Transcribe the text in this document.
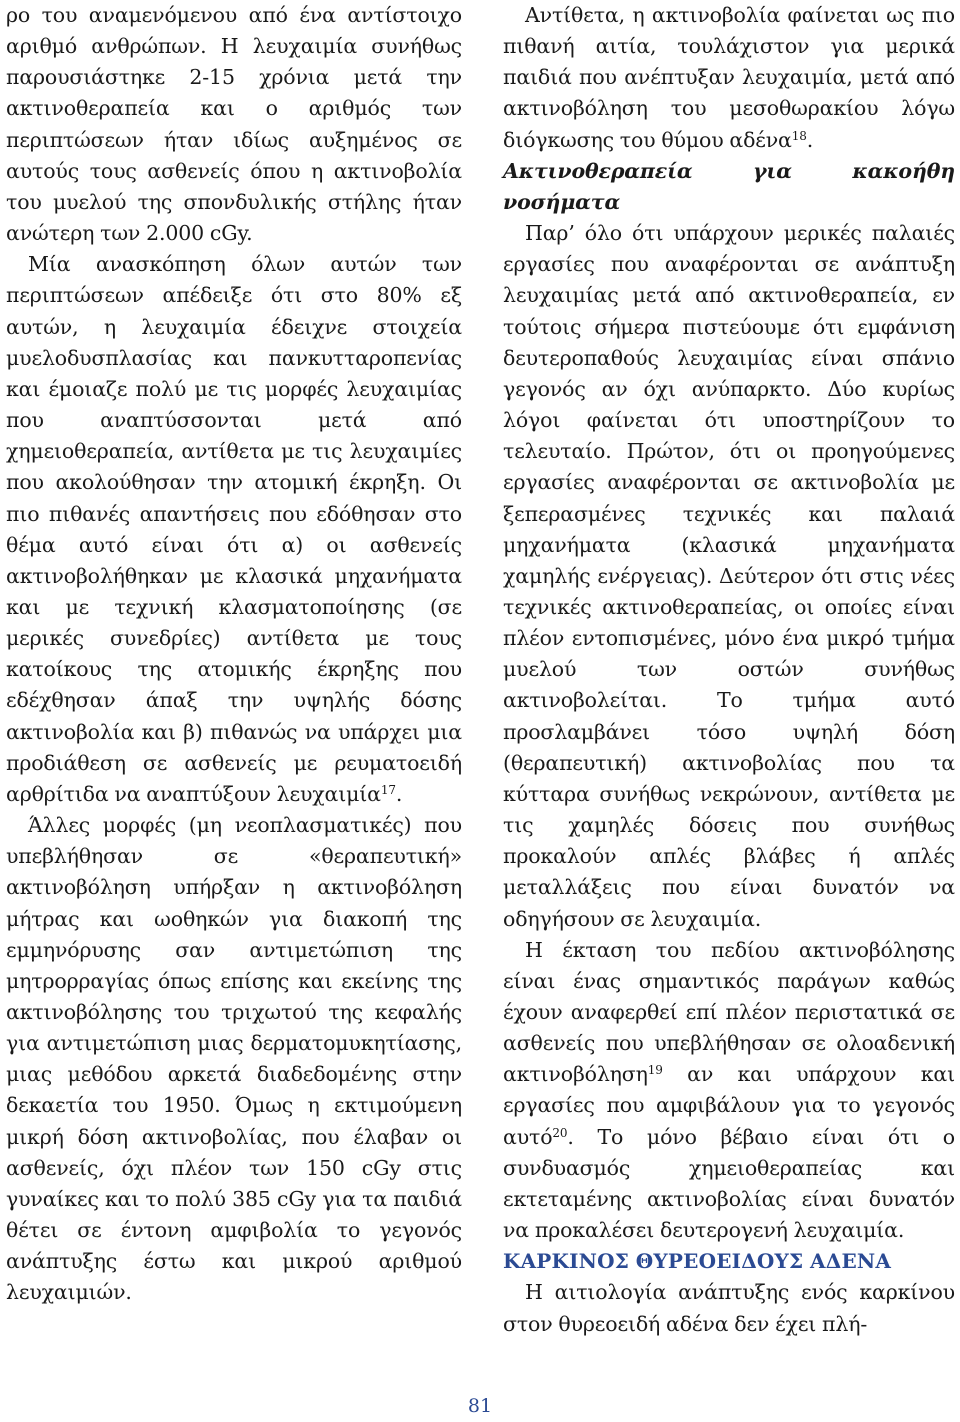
ρο του αναμενόμενου από ένα αντίστοιχο αριθμό ανθρώπων. Η λευχαιμία συνήθως παρουσιάστηκε 2-15 χρόνια μετά την ακτινοθεραπεία και ο αριθμός των περιπτώσεων ήταν ιδίως αυξημένος σε αυτούς τους ασθενείς όπου η ακτινοβολία του μυελού της σπονδυλικής στήλης ήταν ανώτερη των 2.000 cGy.

Μία ανασκόπηση όλων αυτών των περιπτώσεων απέδειξε ότι στο 80% εξ αυτών, η λευχαιμία έδειχνε στοιχεία μυελοδυσπλασίας και πανκυτταροπενίας και έμοιαζε πολύ με τις μορφές λευχαιμίας που αναπτύσσονται μετά από χημειοθεραπεία, αντίθετα με τις λευχαιμίες που ακολούθησαν την ατομική έκρηξη. Οι πιο πιθανές απαντήσεις που εδόθησαν στο θέμα αυτό είναι ότι α) οι ασθενείς ακτινοβολήθηκαν με κλασικά μηχανήματα και με τεχνική κλασματοποίησης (σε μερικές συνεδρίες) αντίθετα με τους κατοίκους της ατομικής έκρηξης που εδέχθησαν άπαξ την υψηλής δόσης ακτινοβολία και β) πιθανώς να υπάρχει μια προδιάθεση σε ασθενείς με ρευματοειδή αρθρίτιδα να αναπτύξουν λευχαιμία$^{17}$.

Άλλες μορφές (μη νεοπλασματικές) που υπεβλήθησαν σε «θεραπευτική» ακτινοβόληση υπήρξαν η ακτινοβόληση μήτρας και ωοθηκών για διακοπή της εμμηνόρυσης σαν αντιμετώπιση της μητρορραγίας όπως επίσης και εκείνης της ακτινοβόλησης του τριχωτού της κεφαλής για αντιμετώπιση μιας δερματομυκητίασης, μιας μεθόδου αρκετά διαδεδομένης στην δεκαετία του 1950. Όμως η εκτιμούμενη μικρή δόση ακτινοβολίας, που έλαβαν οι ασθενείς, όχι πλέον των 150 cGy στις γυναίκες και το πολύ 385 cGy για τα παιδιά θέτει σε έντονη αμφιβολία το γεγονός ανάπτυξης έστω και μικρού αριθμού λευχαιμιών.

Αντίθετα, η ακτινοβολία φαίνεται ως πιο πιθανή αιτία, τουλάχιστον για μερικά παιδιά που ανέπτυξαν λευχαιμία, μετά από ακτινοβόληση του μεσοθωρακίου λόγω διόγκωσης του θύμου αδένα$^{18}$.

Ακτινοθεραπεία για κακοήθη νοσήματα

Παρ’ όλο ότι υπάρχουν μερικές παλαιές εργασίες που αναφέρονται σε ανάπτυξη λευχαιμίας μετά από ακτινοθεραπεία, εν τούτοις σήμερα πιστεύουμε ότι εμφάνιση δευτεροπαθούς λευχαιμίας είναι σπάνιο γεγονός αν όχι ανύπαρκτο. Δύο κυρίως λόγοι φαίνεται ότι υποστηρίζουν το τελευταίο. Πρώτον, ότι οι προηγούμενες εργασίες αναφέρονται σε ακτινοβολία με ξεπερασμένες τεχνικές και παλαιά μηχανήματα (κλασικά μηχανήματα χαμηλής ενέργειας). Δεύτερον ότι στις νέες τεχνικές ακτινοθεραπείας, οι οποίες είναι πλέον εντοπισμένες, μόνο ένα μικρό τμήμα μυελού των οστών συνήθως ακτινοβολείται. Το τμήμα αυτό προσλαμβάνει τόσο υψηλή δόση (θεραπευτική) ακτινοβολίας που τα κύτταρα συνήθως νεκρώνουν, αντίθετα με τις χαμηλές δόσεις που συνήθως προκαλούν απλές βλάβες ή απλές μεταλλάξεις που είναι δυνατόν να οδηγήσουν σε λευχαιμία.

Η έκταση του πεδίου ακτινοβόλησης είναι ένας σημαντικός παράγων καθώς έχουν αναφερθεί επί πλέον περιστατικά σε ασθενείς που υπεβλήθησαν σε ολοαδενική ακτινοβόληση$^{19}$ αν και υπάρχουν και εργασίες που αμφιβάλουν για το γεγονός αυτό$^{20}$. Το μόνο βέβαιο είναι ότι ο συνδυασμός χημειοθεραπείας και εκτεταμένης ακτινοβολίας είναι δυνατόν να προκαλέσει δευτερογενή λευχαιμία.

ΚΑΡΚΙΝΟΣ ΘΥΡΕΟΕΙΔΟΥΣ ΑΔΕΝΑ

Η αιτιολογία ανάπτυξης ενός καρκίνου στον θυρεοειδή αδένα δεν έχει πλή-

81
